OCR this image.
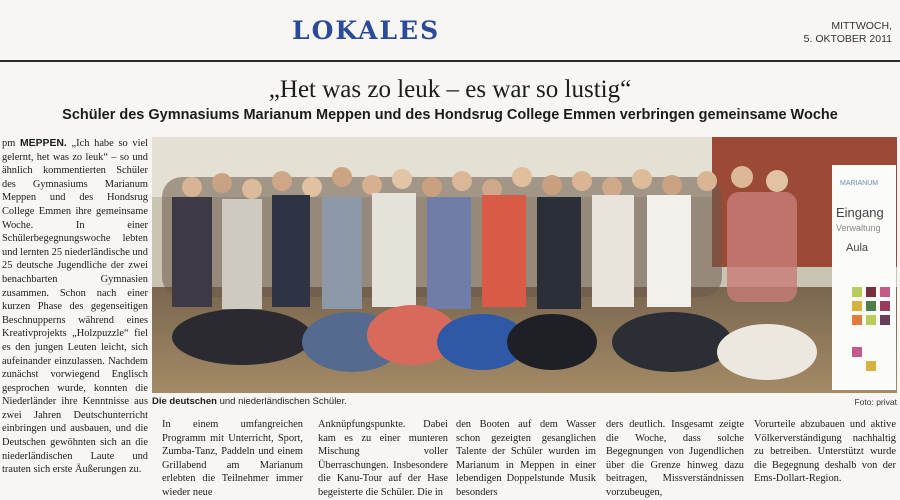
LOKALES	MITTWOCH,
5. OKTOBER 2011
„Het was zo leuk – es war so lustig“
Schüler des Gymnasiums Marianum Meppen und des Hondsrug College Emmen verbringen gemeinsame Woche
pm MEPPEN. „Ich habe so viel gelernt, het was zo leuk“ – so und ähnlich kommentierten Schüler des Gymnasiums Marianum Meppen und des Hondsrug College Emmen ihre gemeinsame Woche. In einer Schülerbegegnungswoche lebten und lernten 25 niederländische und 25 deutsche Jugendliche der zwei benachbarten Gymnasien zusammen. Schon nach einer kurzen Phase des gegenseitigen Beschnupperns während eines Kreativprojekts „Holzpuzzle“ fiel es den jungen Leuten leicht, sich aufeinander einzulassen. Nachdem zunächst vorwiegend Englisch gesprochen wurde, konnten die Niederländer ihre Kenntnisse aus zwei Jahren Deutschunterricht einbringen und ausbauen, und die Deutschen gewöhnten sich an die niederländischen Laute und trauten sich erste Äußerungen zu.
MARIANUM
Eingang
Verwaltung
Aula
Die deutschen und niederländischen Schüler.	Foto: privat
In einem umfangreichen Programm mit Unterricht, Sport, Zumba-Tanz, Paddeln und einem Grillabend am Marianum erlebten die Teilnehmer immer wieder neue
Anknüpfungspunkte. Dabei kam es zu einer munteren Mischung voller Überraschungen. Insbesondere die Kanu-Tour auf der Hase begeisterte die Schüler. Die in
den Booten auf dem Wasser schon gezeigten gesanglichen Talente der Schüler wurden im Marianum in Meppen in einer lebendigen Doppelstunde Musik besonders
ders deutlich. Insgesamt zeigte die Woche, dass solche Begegnungen von Jugendlichen über die Grenze hinweg dazu beitragen, Missverständnissen vorzubeugen,
Vorurteile abzubauen und aktive Völkerverständigung nachhaltig zu betreiben. Unterstützt wurde die Begegnung deshalb von der Ems-Dollart-Region.
